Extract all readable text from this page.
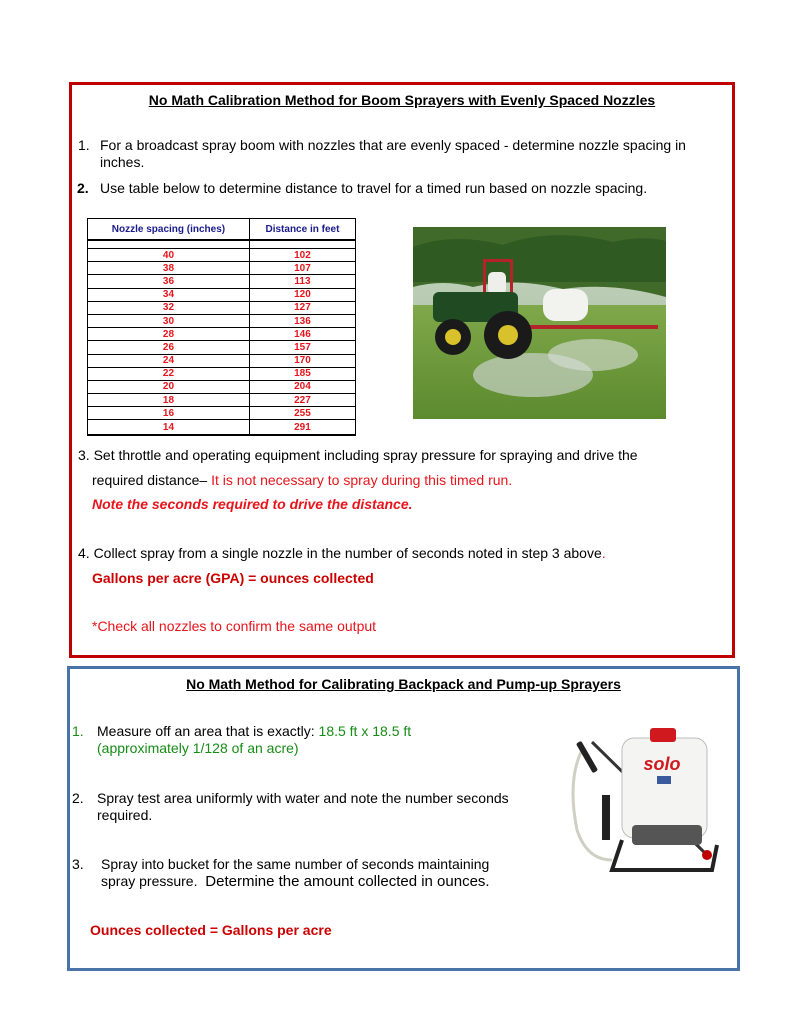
No Math Calibration Method for Boom Sprayers with Evenly Spaced Nozzles
1. For a broadcast spray boom with nozzles that are evenly spaced - determine nozzle spacing in inches.
2. Use table below to determine distance to travel for a timed run based on nozzle spacing.
Nozzle spacing (inches)	Distance in feet

40	102
38	107
36	113
34	120
32	127
30	136
28	146
26	157
24	170
22	185
20	204
18	227
16	255
14	291
3. Set throttle and operating equipment including spray pressure for spraying and drive the
required distance– It is not necessary to spray during this timed run.
Note the seconds required to drive the distance.
4. Collect spray from a single nozzle in the number of seconds noted in step 3 above.
Gallons per acre (GPA) = ounces collected
*Check all nozzles to confirm the same output
No Math Method for Calibrating Backpack and Pump-up Sprayers
1. Measure off an area that is exactly: 18.5 ft x 18.5 ft
(approximately 1/128 of an acre)
2. Spray test area uniformly with water and note the number seconds
required.
3. Spray into bucket for the same number of seconds maintaining
spray pressure. Determine the amount collected in ounces.
Ounces collected = Gallons per acre
solo
